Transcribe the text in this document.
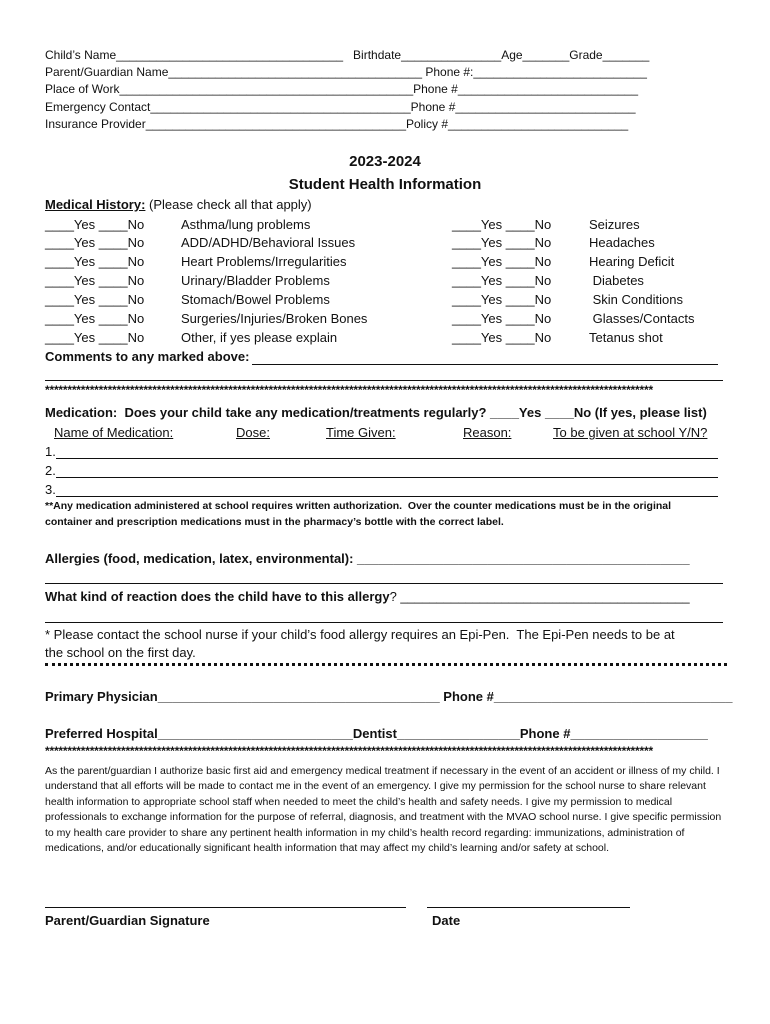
Child’s Name__________________________________   Birthdate_______________Age_______Grade_______
Parent/Guardian Name______________________________________ Phone #:__________________________
Place of Work____________________________________________Phone #___________________________
Emergency Contact_______________________________________Phone #___________________________
Insurance Provider_______________________________________Policy #___________________________
2023-2024
Student Health Information
Medical History: (Please check all that apply)
____Yes ____No	Asthma/lung problems	____Yes ____No	Seizures
____Yes ____No	ADD/ADHD/Behavioral Issues	____Yes ____No	Headaches
____Yes ____No	Heart Problems/Irregularities	____Yes ____No	Hearing Deficit
____Yes ____No	Urinary/Bladder Problems	____Yes ____No	Diabetes
____Yes ____No	Stomach/Bowel Problems	____Yes ____No	Skin Conditions
____Yes ____No	Surgeries/Injuries/Broken Bones	____Yes ____No	Glasses/Contacts
____Yes ____No	Other, if yes please explain	____Yes ____No	Tetanus shot
Comments to any marked above:
****************************************************************************************************************************************
Medication:  Does your child take any medication/treatments regularly? ____Yes ____No (If yes, please list)
Name of Medication:	Dose:	Time Given:	Reason:	To be given at school Y/N?
1.
2.
3.
**Any medication administered at school requires written authorization.  Over the counter medications must be in the original
container and prescription medications must in the pharmacy’s bottle with the correct label.
Allergies (food, medication, latex, environmental): ______________________________________________
What kind of reaction does the child have to this allergy? ________________________________________
* Please contact the school nurse if your child’s food allergy requires an Epi-Pen.  The Epi-Pen needs to be at
the school on the first day.
Primary Physician_______________________________________ Phone #_________________________________
Preferred Hospital___________________________Dentist_________________Phone #___________________
****************************************************************************************************************************************
As the parent/guardian I authorize basic first aid and emergency medical treatment if necessary in the event of an accident or illness of my child. I understand that all efforts will be made to contact me in the event of an emergency. I give my permission for the school nurse to share relevant health information to appropriate school staff when needed to meet the child’s health and safety needs. I give my permission to medical professionals to exchange information for the purpose of referral, diagnosis, and treatment with the MVAO school nurse. I give specific permission to my health care provider to share any pertinent health information in my child’s health record regarding: immunizations, administration of medications, and/or educationally significant health information that may affect my child’s learning and/or safety at school.
Parent/Guardian Signature	Date
